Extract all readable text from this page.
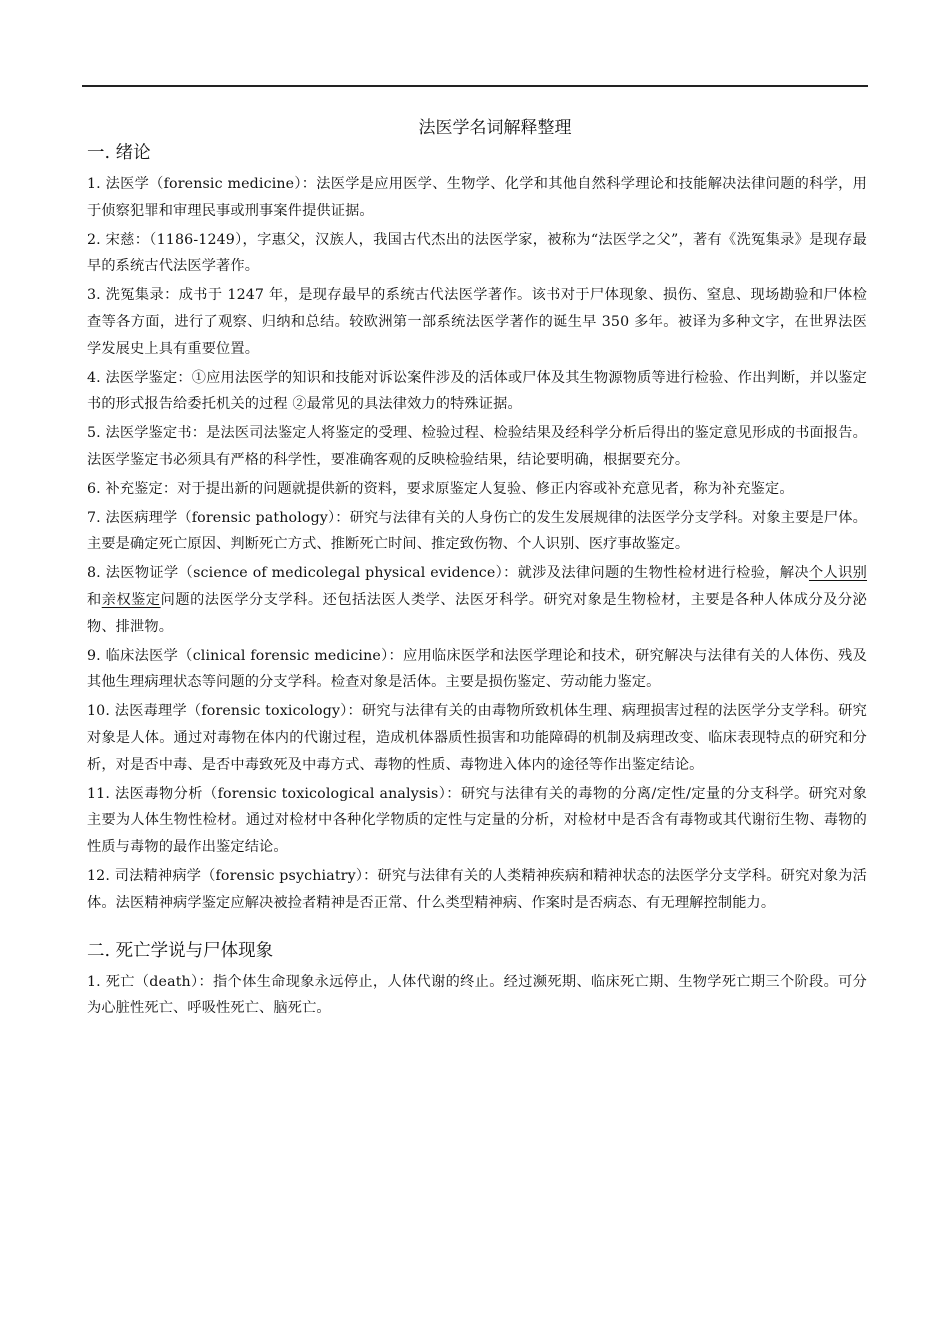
法医学名词解释整理
一. 绪论

1. 法医学（forensic medicine）：法医学是应用医学、生物学、化学和其他自然科学理论和技能解决法律问题的科学，用于侦察犯罪和审理民事或刑事案件提供证据。

2. 宋慈：（1186-1249），字惠父，汉族人，我国古代杰出的法医学家，被称为“法医学之父”，著有《洗冤集录》是现存最早的系统古代法医学著作。

3. 洗冤集录：成书于 1247 年，是现存最早的系统古代法医学著作。该书对于尸体现象、损伤、窒息、现场勘验和尸体检查等各方面，进行了观察、归纳和总结。较欧洲第一部系统法医学著作的诞生早 350 多年。被译为多种文字，在世界法医学发展史上具有重要位置。

4. 法医学鉴定：①应用法医学的知识和技能对诉讼案件涉及的活体或尸体及其生物源物质等进行检验、作出判断，并以鉴定书的形式报告给委托机关的过程 ②最常见的具法律效力的特殊证据。

5. 法医学鉴定书：是法医司法鉴定人将鉴定的受理、检验过程、检验结果及经科学分析后得出的鉴定意见形成的书面报告。法医学鉴定书必须具有严格的科学性，要准确客观的反映检验结果，结论要明确，根据要充分。

6. 补充鉴定：对于提出新的问题就提供新的资料，要求原鉴定人复验、修正内容或补充意见者，称为补充鉴定。

7. 法医病理学（forensic pathology）：研究与法律有关的人身伤亡的发生发展规律的法医学分支学科。对象主要是尸体。主要是确定死亡原因、判断死亡方式、推断死亡时间、推定致伤物、个人识别、医疗事故鉴定。

8. 法医物证学（science of medicolegal physical evidence）：就涉及法律问题的生物性检材进行检验，解决个人识别和亲权鉴定问题的法医学分支学科。还包括法医人类学、法医牙科学。研究对象是生物检材，主要是各种人体成分及分泌物、排泄物。

9. 临床法医学（clinical forensic medicine）：应用临床医学和法医学理论和技术，研究解决与法律有关的人体伤、残及其他生理病理状态等问题的分支学科。检查对象是活体。主要是损伤鉴定、劳动能力鉴定。

10. 法医毒理学（forensic toxicology）：研究与法律有关的由毒物所致机体生理、病理损害过程的法医学分支学科。研究对象是人体。通过对毒物在体内的代谢过程，造成机体器质性损害和功能障碍的机制及病理改变、临床表现特点的研究和分析，对是否中毒、是否中毒致死及中毒方式、毒物的性质、毒物进入体内的途径等作出鉴定结论。

11. 法医毒物分析（forensic toxicological analysis）：研究与法律有关的毒物的分离/定性/定量的分支科学。研究对象主要为人体生物性检材。通过对检材中各种化学物质的定性与定量的分析，对检材中是否含有毒物或其代谢衍生物、毒物的性质与毒物的最作出鉴定结论。

12. 司法精神病学（forensic psychiatry）：研究与法律有关的人类精神疾病和精神状态的法医学分支学科。研究对象为活体。法医精神病学鉴定应解决被捡者精神是否正常、什么类型精神病、作案时是否病态、有无理解控制能力。

二. 死亡学说与尸体现象

1. 死亡（death）：指个体生命现象永远停止，人体代谢的终止。经过濒死期、临床死亡期、生物学死亡期三个阶段。可分为心脏性死亡、呼吸性死亡、脑死亡。
